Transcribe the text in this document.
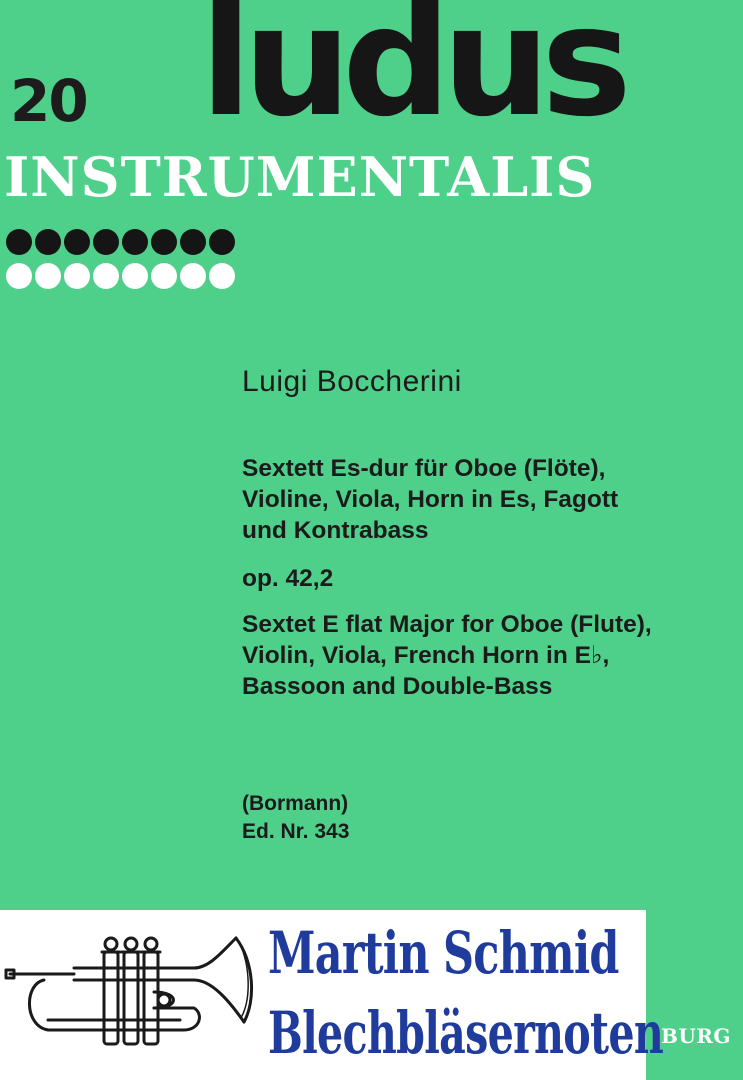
20 ludus
INSTRUMENTALIS
Luigi Boccherini
Sextett Es-dur für Oboe (Flöte),
Violine, Viola, Horn in Es, Fagott
und Kontrabass
op. 42,2
Sextet E flat Major for Oboe (Flute),
Violin, Viola, French Horn in E♭,
Bassoon and Double-Bass
(Bormann)
Ed. Nr. 343
BURG
Martin Schmid
Blechbläsernoten
